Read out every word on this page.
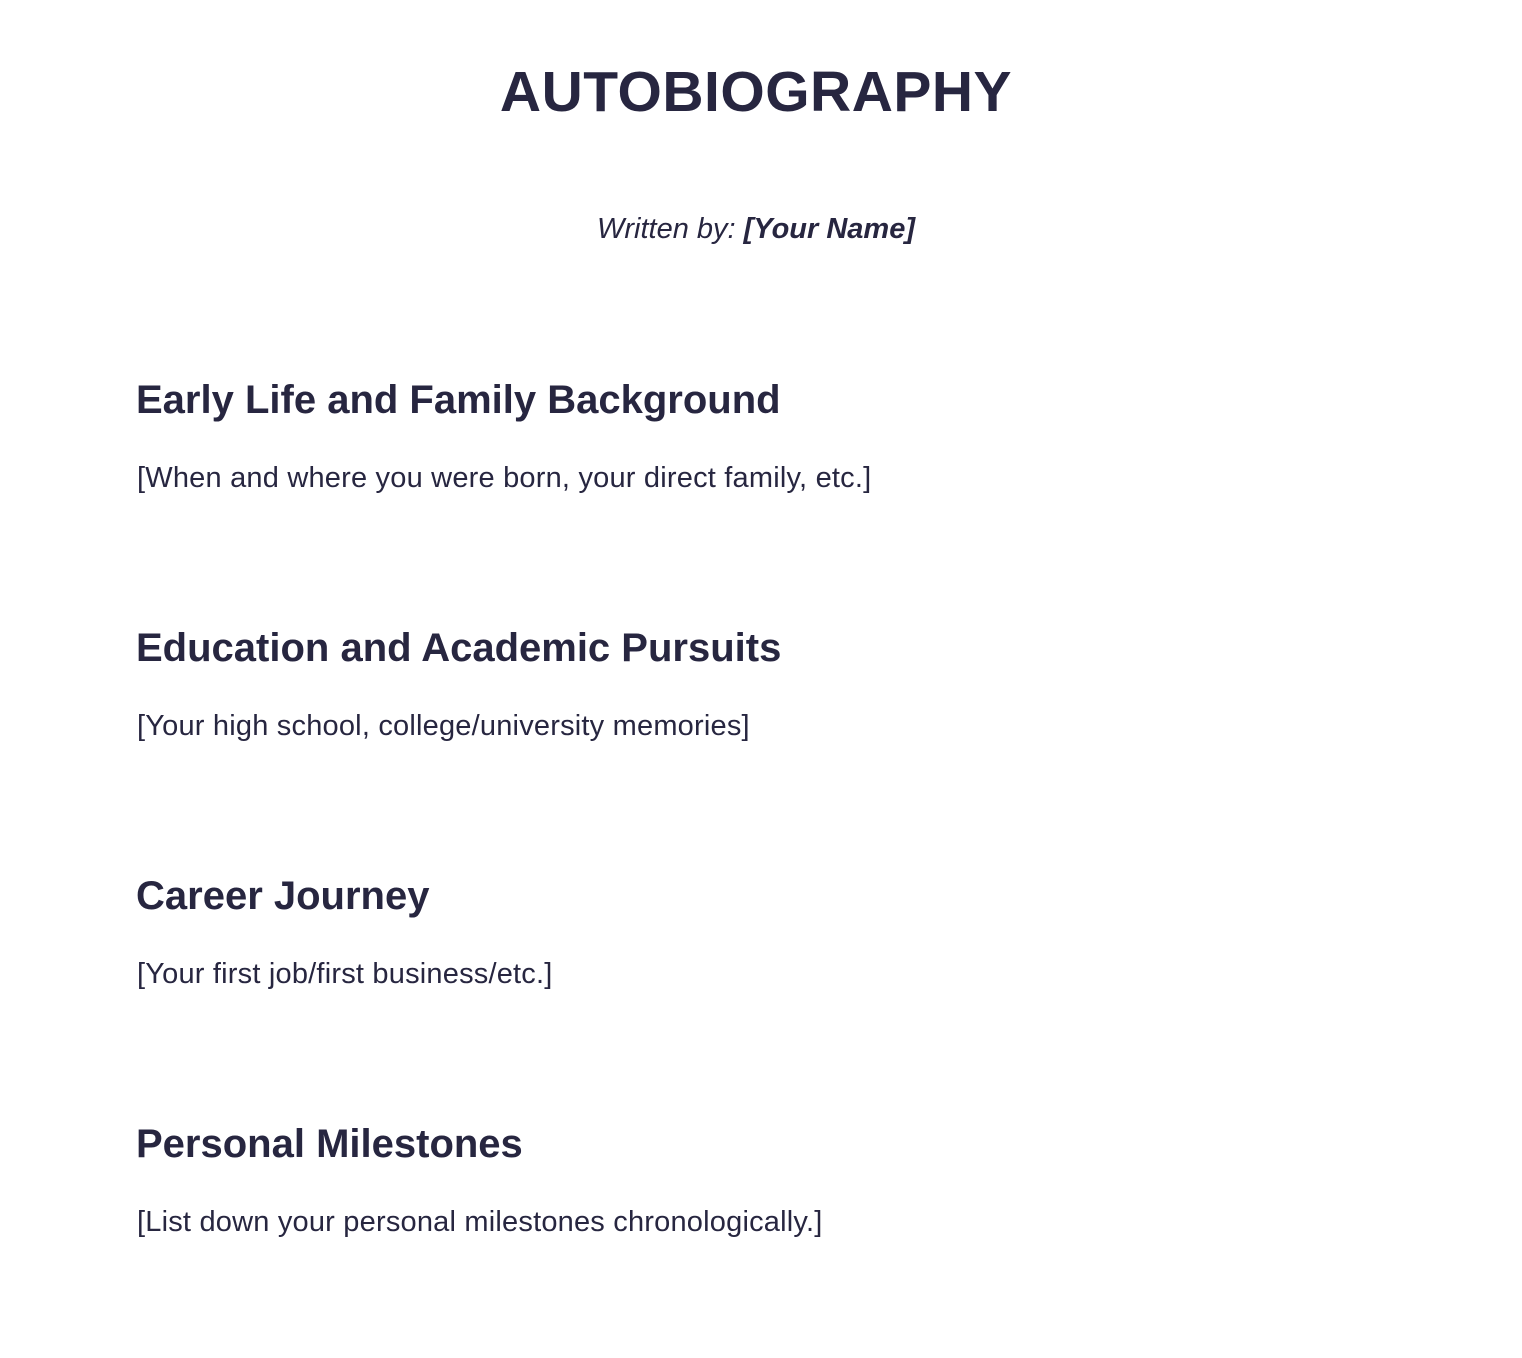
AUTOBIOGRAPHY

Written by: [Your Name]

Early Life and Family Background

[When and where you were born, your direct family, etc.]

Education and Academic Pursuits

[Your high school, college/university memories]

Career Journey

[Your first job/first business/etc.]

Personal Milestones

[List down your personal milestones chronologically.]
